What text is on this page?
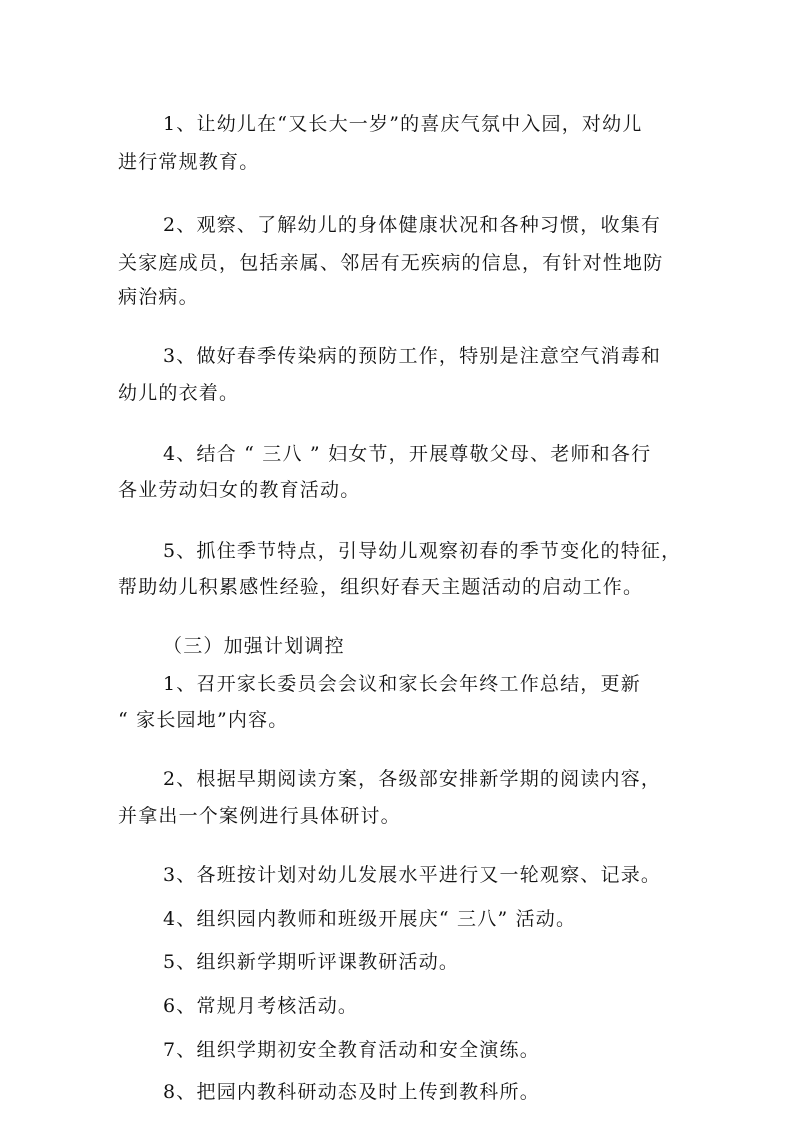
1、让幼儿在“又长大一岁”的喜庆气氛中入园，对幼儿
进行常规教育。
2、观察、了解幼儿的身体健康状况和各种习惯，收集有
关家庭成员，包括亲属、邻居有无疾病的信息，有针对性地防
病治病。
3、做好春季传染病的预防工作，特别是注意空气消毒和
幼儿的衣着。
4、结合 “ 三八 ” 妇女节，开展尊敬父母、老师和各行
各业劳动妇女的教育活动。
5、抓住季节特点，引导幼儿观察初春的季节变化的特征，
帮助幼儿积累感性经验，组织好春天主题活动的启动工作。
（三）加强计划调控
1、召开家长委员会会议和家长会年终工作总结，更新
“ 家长园地”内容。
2、根据早期阅读方案，各级部安排新学期的阅读内容，
并拿出一个案例进行具体研讨。
3、各班按计划对幼儿发展水平进行又一轮观察、记录。
4、组织园内教师和班级开展庆“ 三八” 活动。
5、组织新学期听评课教研活动。
6、常规月考核活动。
7、组织学期初安全教育活动和安全演练。
8、把园内教科研动态及时上传到教科所。
